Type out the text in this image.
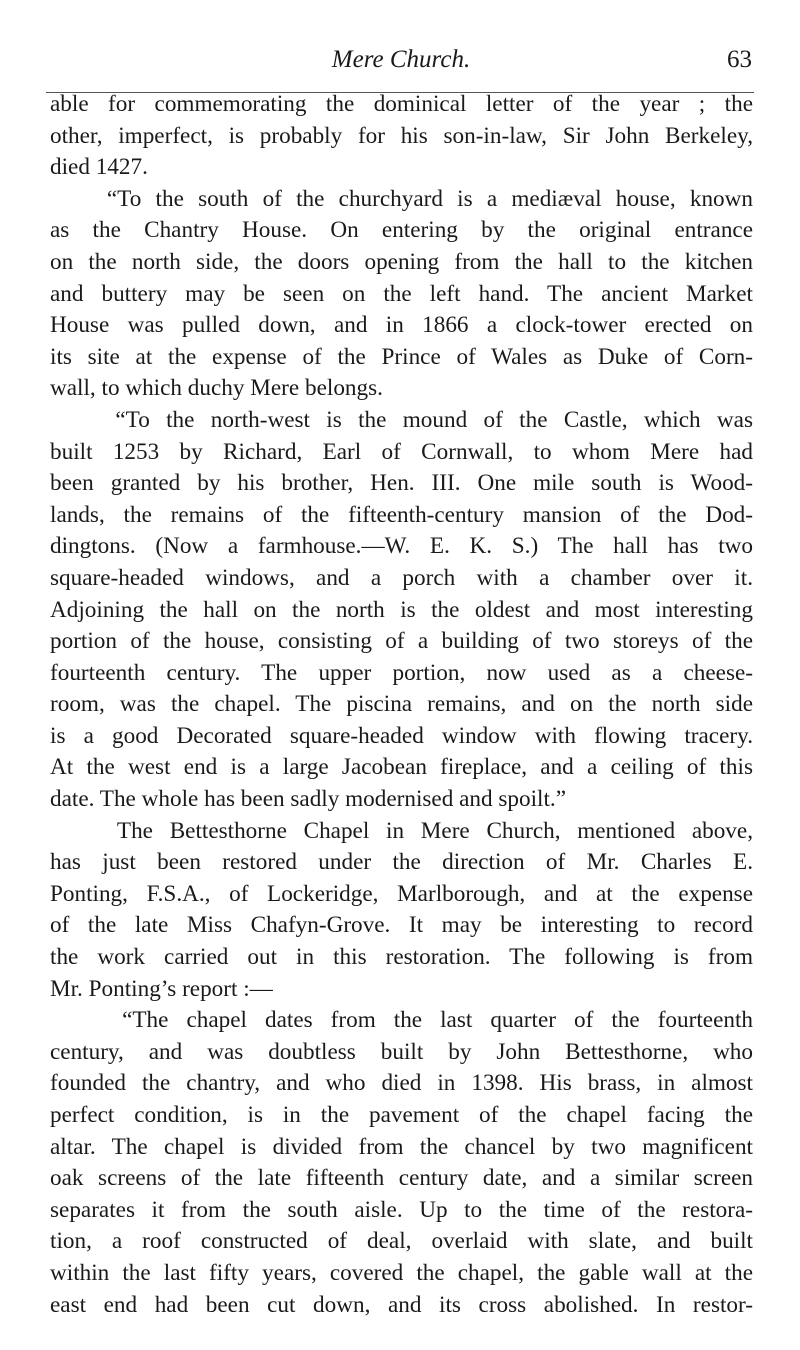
Mere Church.	63
able for commemorating the dominical letter of the year ; the
other, imperfect, is probably for his son-in-law, Sir John Berkeley,
died 1427.
“To the south of the churchyard is a mediæval house, known
as the Chantry House. On entering by the original entrance
on the north side, the doors opening from the hall to the kitchen
and buttery may be seen on the left hand. The ancient Market
House was pulled down, and in 1866 a clock-tower erected on
its site at the expense of the Prince of Wales as Duke of Corn-
wall, to which duchy Mere belongs.
“To the north-west is the mound of the Castle, which was
built 1253 by Richard, Earl of Cornwall, to whom Mere had
been granted by his brother, Hen. III. One mile south is Wood-
lands, the remains of the fifteenth-century mansion of the Dod-
dingtons. (Now a farmhouse.—W. E. K. S.) The hall has two
square-headed windows, and a porch with a chamber over it.
Adjoining the hall on the north is the oldest and most interesting
portion of the house, consisting of a building of two storeys of the
fourteenth century. The upper portion, now used as a cheese-
room, was the chapel. The piscina remains, and on the north side
is a good Decorated square-headed window with flowing tracery.
At the west end is a large Jacobean fireplace, and a ceiling of this
date. The whole has been sadly modernised and spoilt.”
The Bettesthorne Chapel in Mere Church, mentioned above,
has just been restored under the direction of Mr. Charles E.
Ponting, F.S.A., of Lockeridge, Marlborough, and at the expense
of the late Miss Chafyn-Grove. It may be interesting to record
the work carried out in this restoration. The following is from
Mr. Ponting’s report :—
“The chapel dates from the last quarter of the fourteenth
century, and was doubtless built by John Bettesthorne, who
founded the chantry, and who died in 1398. His brass, in almost
perfect condition, is in the pavement of the chapel facing the
altar. The chapel is divided from the chancel by two magnificent
oak screens of the late fifteenth century date, and a similar screen
separates it from the south aisle. Up to the time of the restora-
tion, a roof constructed of deal, overlaid with slate, and built
within the last fifty years, covered the chapel, the gable wall at the
east end had been cut down, and its cross abolished. In restor-
